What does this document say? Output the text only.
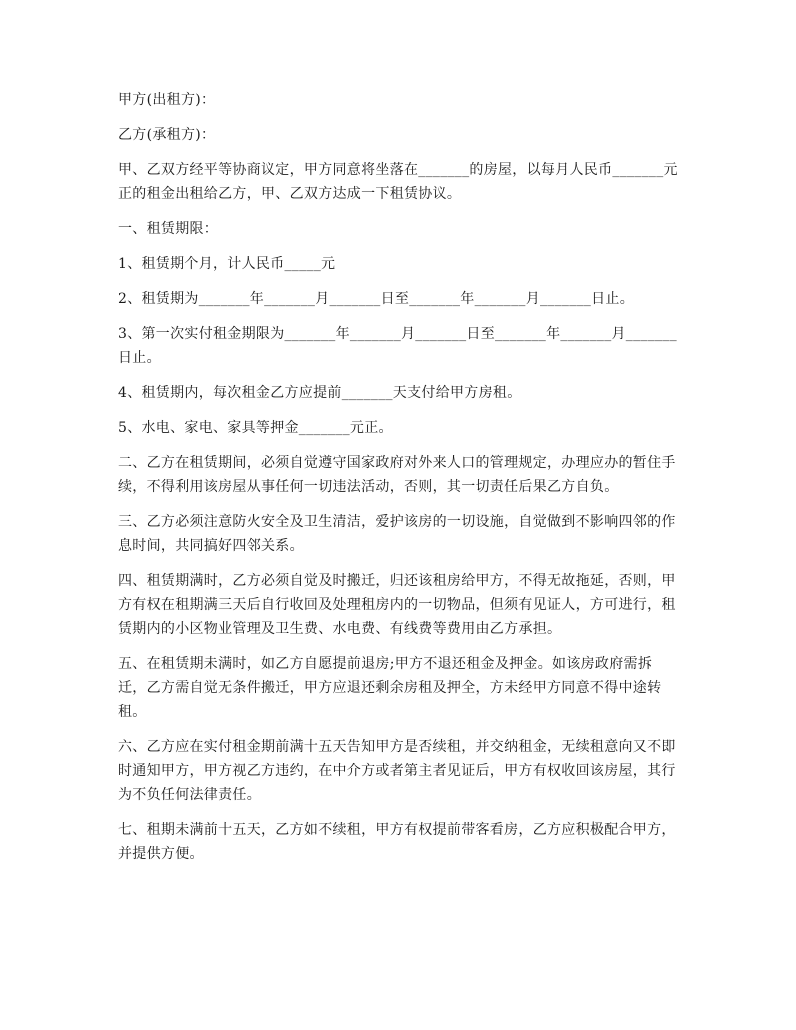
甲方(出租方)：

乙方(承租方)：

甲、乙双方经平等协商议定，甲方同意将坐落在_______的房屋，以每月人民币_______元正的租金出租给乙方，甲、乙双方达成一下租赁协议。

一、租赁期限：

1、租赁期个月，计人民币_____元

2、租赁期为_______年_______月_______日至_______年_______月_______日止。

3、第一次实付租金期限为_______年_______月_______日至_______年_______月_______日止。

4、租赁期内，每次租金乙方应提前_______天支付给甲方房租。

5、水电、家电、家具等押金_______元正。

二、乙方在租赁期间，必须自觉遵守国家政府对外来人口的管理规定，办理应办的暂住手续，不得利用该房屋从事任何一切违法活动，否则，其一切责任后果乙方自负。

三、乙方必须注意防火安全及卫生清洁，爱护该房的一切设施，自觉做到不影响四邻的作息时间，共同搞好四邻关系。

四、租赁期满时，乙方必须自觉及时搬迁，归还该租房给甲方，不得无故拖延，否则，甲方有权在租期满三天后自行收回及处理租房内的一切物品，但须有见证人，方可进行，租赁期内的小区物业管理及卫生费、水电费、有线费等费用由乙方承担。

五、在租赁期未满时，如乙方自愿提前退房;甲方不退还租金及押金。如该房政府需拆迁，乙方需自觉无条件搬迁，甲方应退还剩余房租及押全，方未经甲方同意不得中途转租。

六、乙方应在实付租金期前满十五天告知甲方是否续租，并交纳租金，无续租意向又不即时通知甲方，甲方视乙方违约，在中介方或者第主者见证后，甲方有权收回该房屋，其行为不负任何法律责任。

七、租期未满前十五天，乙方如不续租，甲方有权提前带客看房，乙方应积极配合甲方，并提供方便。
